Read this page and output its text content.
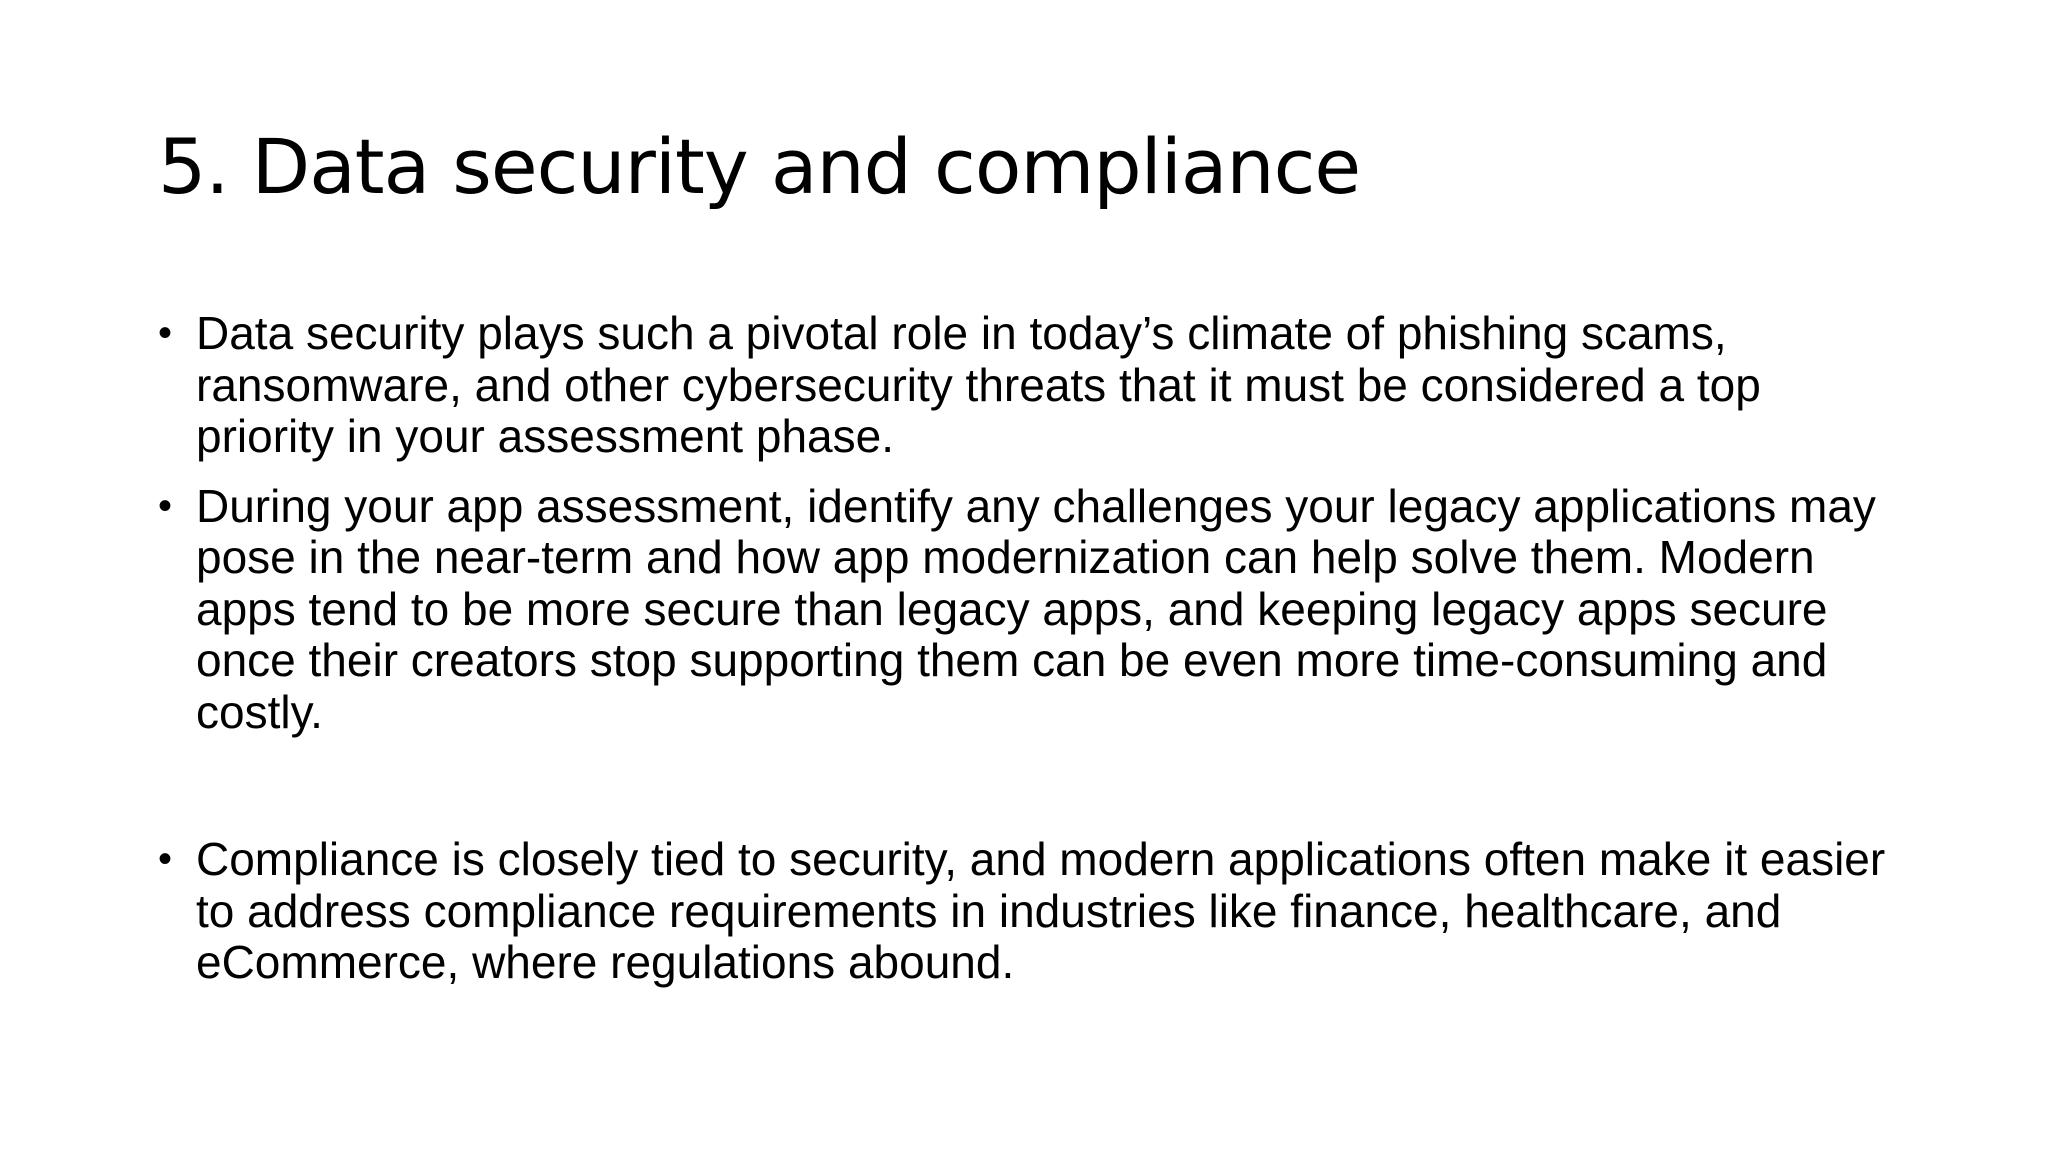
5. Data security and compliance
• Data security plays such a pivotal role in today’s climate of phishing scams, ransomware, and other cybersecurity threats that it must be considered a top priority in your assessment phase.
• During your app assessment, identify any challenges your legacy applications may pose in the near-term and how app modernization can help solve them. Modern apps tend to be more secure than legacy apps, and keeping legacy apps secure once their creators stop supporting them can be even more time-consuming and costly.
• Compliance is closely tied to security, and modern applications often make it easier to address compliance requirements in industries like finance, healthcare, and eCommerce, where regulations abound.
